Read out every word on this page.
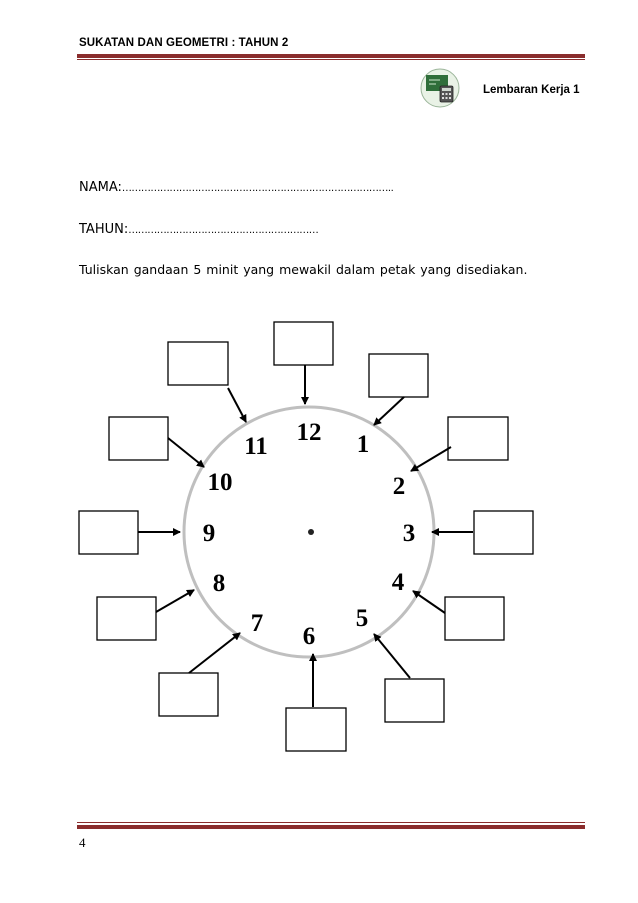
SUKATAN DAN GEOMETRI : TAHUN 2
Lembaran Kerja 1
NAMA:…………………………………………………………………………..
TAHUN:……………………………………………………
Tuliskan gandaan 5 minit yang mewakil dalam petak yang disediakan.
12 1
2
3
4
5
6
7
8
9
10
11
4
